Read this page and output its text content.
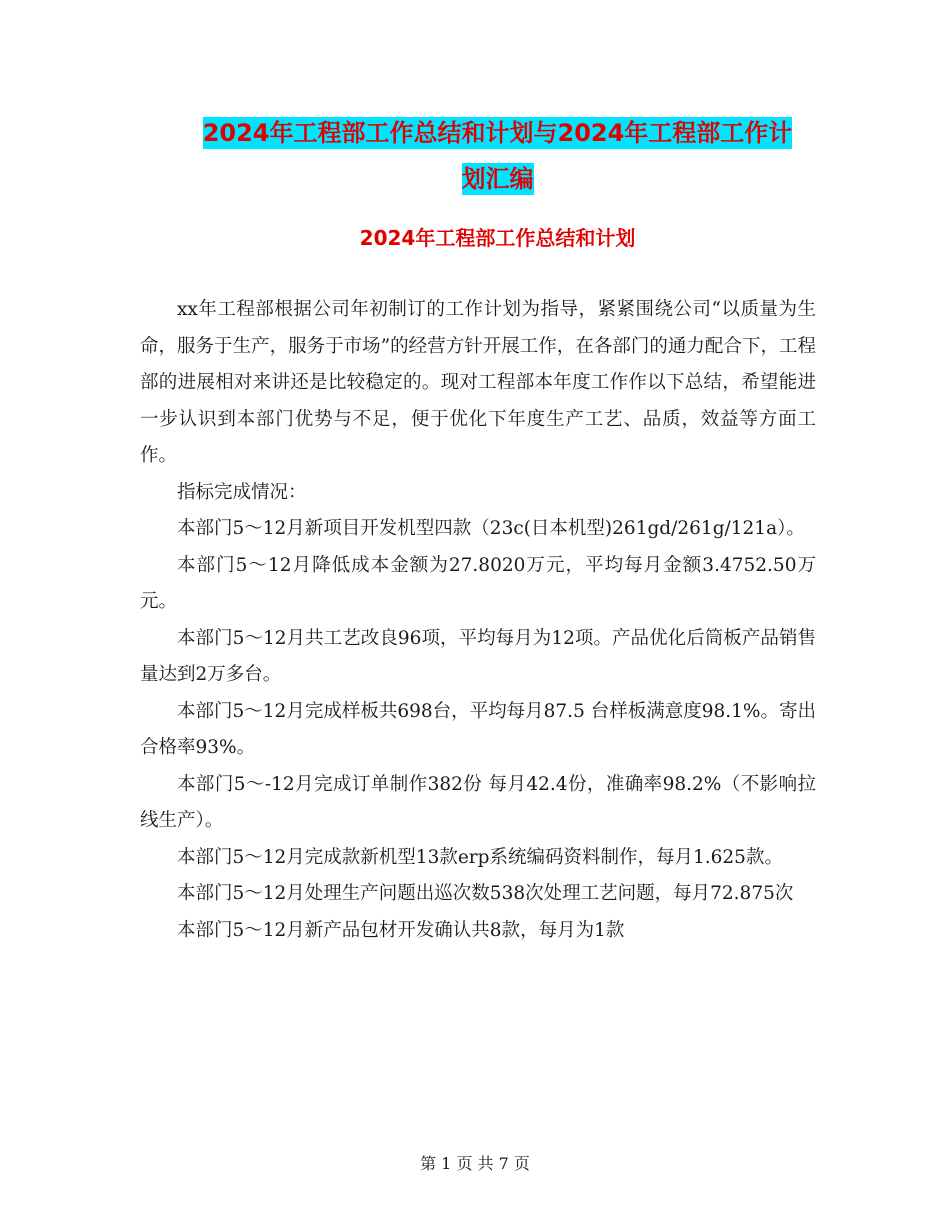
2024年工程部工作总结和计划与2024年工程部工作计
划汇编
2024年工程部工作总结和计划

xx年工程部根据公司年初制订的工作计划为指导，紧紧围绕公司“以质量为生命，服务于生产，服务于市场”的经营方针开展工作，在各部门的通力配合下，工程部的进展相对来讲还是比较稳定的。现对工程部本年度工作作以下总结，希望能进一步认识到本部门优势与不足，便于优化下年度生产工艺、品质，效益等方面工作。

指标完成情况：

本部门5～12月新项目开发机型四款（23c(日本机型)261gd/261g/121a）。

本部门5～12月降低成本金额为27.8020万元，平均每月金额3.4752.50万元。

本部门5～12月共工艺改良96项，平均每月为12项。产品优化后筒板产品销售量达到2万多台。

本部门5～12月完成样板共698台，平均每月87.5 台样板满意度98.1%。寄出合格率93%。

本部门5～-12月完成订单制作382份 每月42.4份，准确率98.2%（不影响拉线生产）。

本部门5～12月完成款新机型13款erp系统编码资料制作，每月1.625款。

本部门5～12月处理生产问题出巡次数538次处理工艺问题，每月72.875次

本部门5～12月新产品包材开发确认共8款，每月为1款

第 1 页 共 7 页
